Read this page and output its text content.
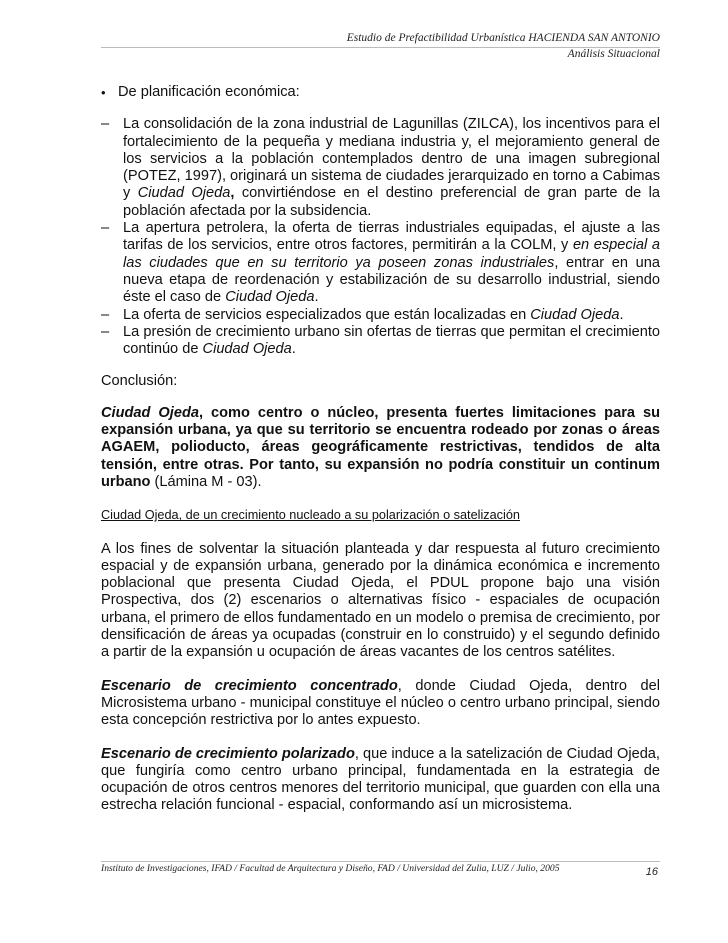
Estudio de Prefactibilidad Urbanística HACIENDA SAN ANTONIO
Análisis Situacional
• De planificación económica:
– La consolidación de la zona industrial de Lagunillas (ZILCA), los incentivos para el fortalecimiento de la pequeña y mediana industria y, el mejoramiento general de los servicios a la población contemplados dentro de una imagen subregional (POTEZ, 1997), originará un sistema de ciudades jerarquizado en torno a Cabimas y Ciudad Ojeda, convirtiéndose en el destino preferencial de gran parte de la población afectada por la subsidencia.
– La apertura petrolera, la oferta de tierras industriales equipadas, el ajuste a las tarifas de los servicios, entre otros factores, permitirán a la COLM, y en especial a las ciudades que en su territorio ya poseen zonas industriales, entrar en una nueva etapa de reordenación y estabilización de su desarrollo industrial, siendo éste el caso de Ciudad Ojeda.
– La oferta de servicios especializados que están localizadas en Ciudad Ojeda.
– La presión de crecimiento urbano sin ofertas de tierras que permitan el crecimiento continúo de Ciudad Ojeda.

Conclusión:

Ciudad Ojeda, como centro o núcleo, presenta fuertes limitaciones para su expansión urbana, ya que su territorio se encuentra rodeado por zonas o áreas AGAEM, polioducto, áreas geográficamente restrictivas, tendidos de alta tensión, entre otras. Por tanto, su expansión no podría constituir un continum urbano (Lámina M - 03).

Ciudad Ojeda, de un crecimiento nucleado a su polarización o satelización

A los fines de solventar la situación planteada y dar respuesta al futuro crecimiento espacial y de expansión urbana, generado por la dinámica económica e incremento poblacional que presenta Ciudad Ojeda, el PDUL propone bajo una visión Prospectiva, dos (2) escenarios o alternativas físico - espaciales de ocupación urbana, el primero de ellos fundamentado en un modelo o premisa de crecimiento, por densificación de áreas ya ocupadas (construir en lo construido) y el segundo definido a partir de la expansión u ocupación de áreas vacantes de los centros satélites.

Escenario de crecimiento concentrado, donde Ciudad Ojeda, dentro del Microsistema urbano - municipal constituye el núcleo o centro urbano principal, siendo esta concepción restrictiva por lo antes expuesto.

Escenario de crecimiento polarizado, que induce a la satelización de Ciudad Ojeda, que fungiría como centro urbano principal, fundamentada en la estrategia de ocupación de otros centros menores del territorio municipal, que guarden con ella una estrecha relación funcional - espacial, conformando así un microsistema.

Instituto de Investigaciones, IFAD / Facultad de Arquitectura y Diseño, FAD / Universidad del Zulia, LUZ / Julio, 2005	16
